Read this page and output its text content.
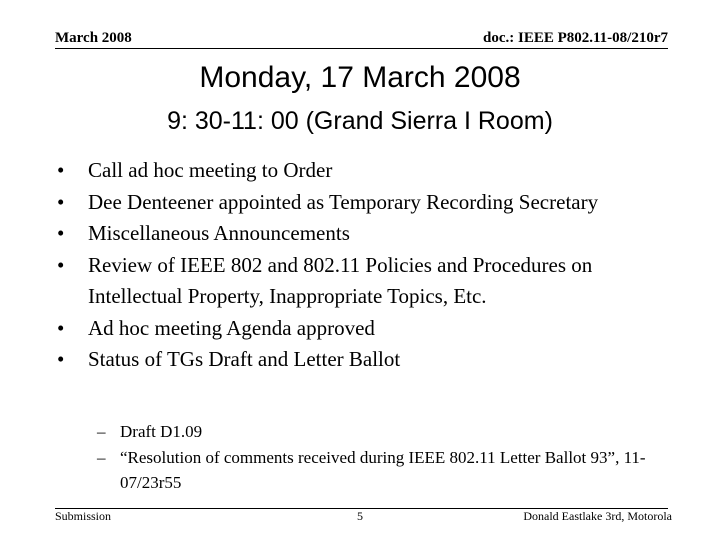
March 2008	doc.: IEEE P802.11-08/210r7
Monday, 17 March 2008
9: 30-11: 00 (Grand Sierra I Room)
• Call ad hoc meeting to Order
• Dee Denteener appointed as Temporary Recording Secretary
• Miscellaneous Announcements
• Review of IEEE 802 and 802.11 Policies and Procedures on Intellectual Property, Inappropriate Topics, Etc.
• Ad hoc meeting Agenda approved
• Status of TGs Draft and Letter Ballot
– Draft D1.09
– “Resolution of comments received during IEEE 802.11 Letter Ballot 93”, 11-07/23r55
Submission	5	Donald Eastlake 3rd, Motorola
